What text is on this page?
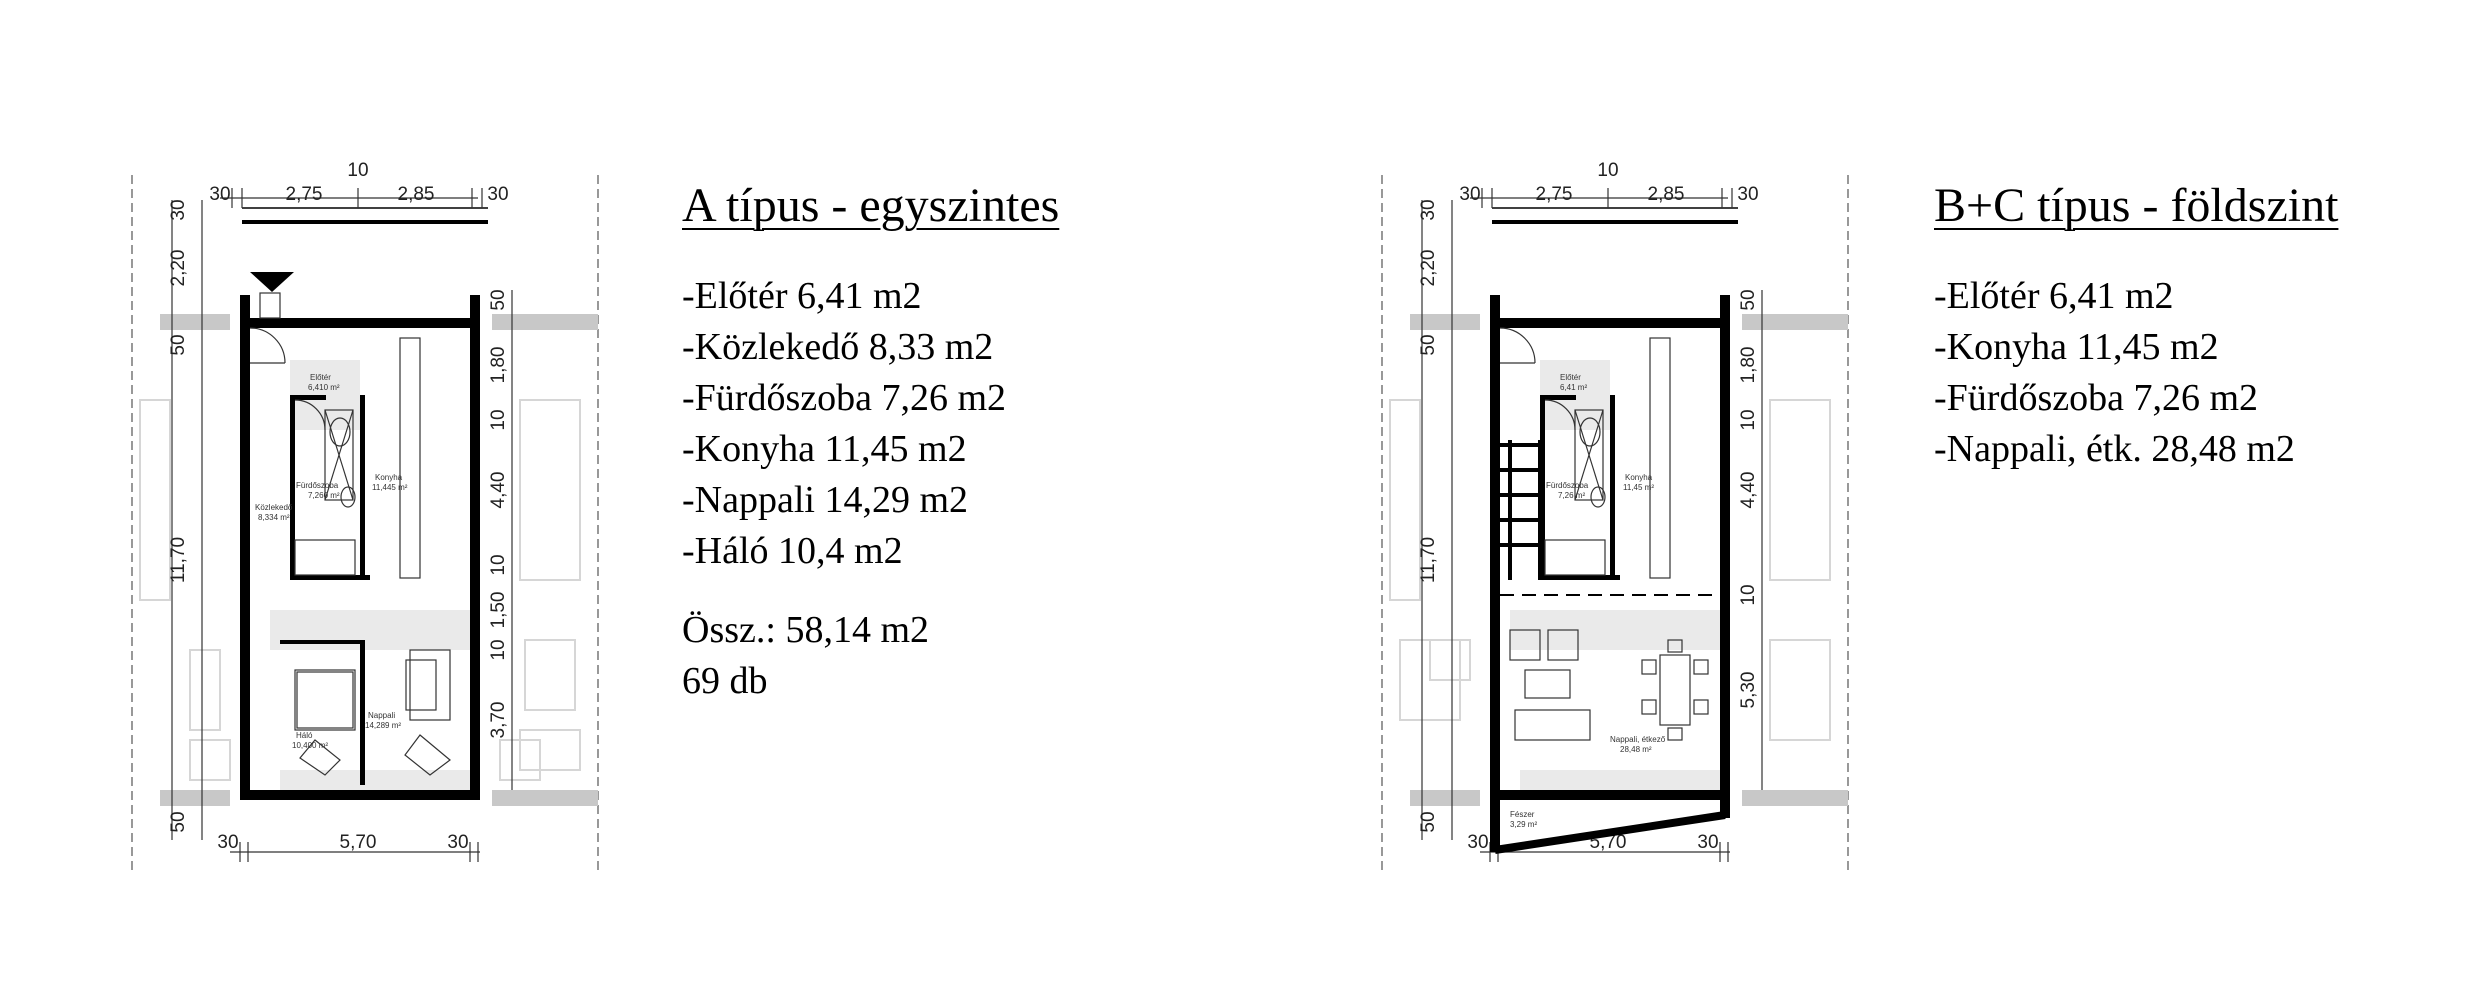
10
30	2,75	2,85	30
30
2,20
50
11,70
50
50
1,80
10
4,40
10
1,50
10
3,70
30	5,70	30
Előtér
6,410 m²
Fürdőszoba
7,260 m²
Konyha
11,445 m²
Közlekedő
8,334 m²
Háló
10,400 m²
Nappali
14,289 m²
A típus - egyszintes
-Előtér 6,41 m2
-Közlekedő 8,33 m2
-Fürdőszoba 7,26 m2
-Konyha 11,45 m2
-Nappali 14,29 m2
-Háló 10,4 m2
Össz.: 58,14 m2
69 db
10
30	2,75	2,85	30
30
2,20
50
11,70
50
50
1,80
10
4,40
10
5,30
30	5,70	30
Előtér
6,41 m²
Fürdőszoba
7,26 m²
Konyha
11,45 m²
Nappali, étkező
28,48 m²
Fészer
3,29 m²
B+C típus - földszint
-Előtér 6,41 m2
-Konyha 11,45 m2
-Fürdőszoba 7,26 m2
-Nappali, étk. 28,48 m2
